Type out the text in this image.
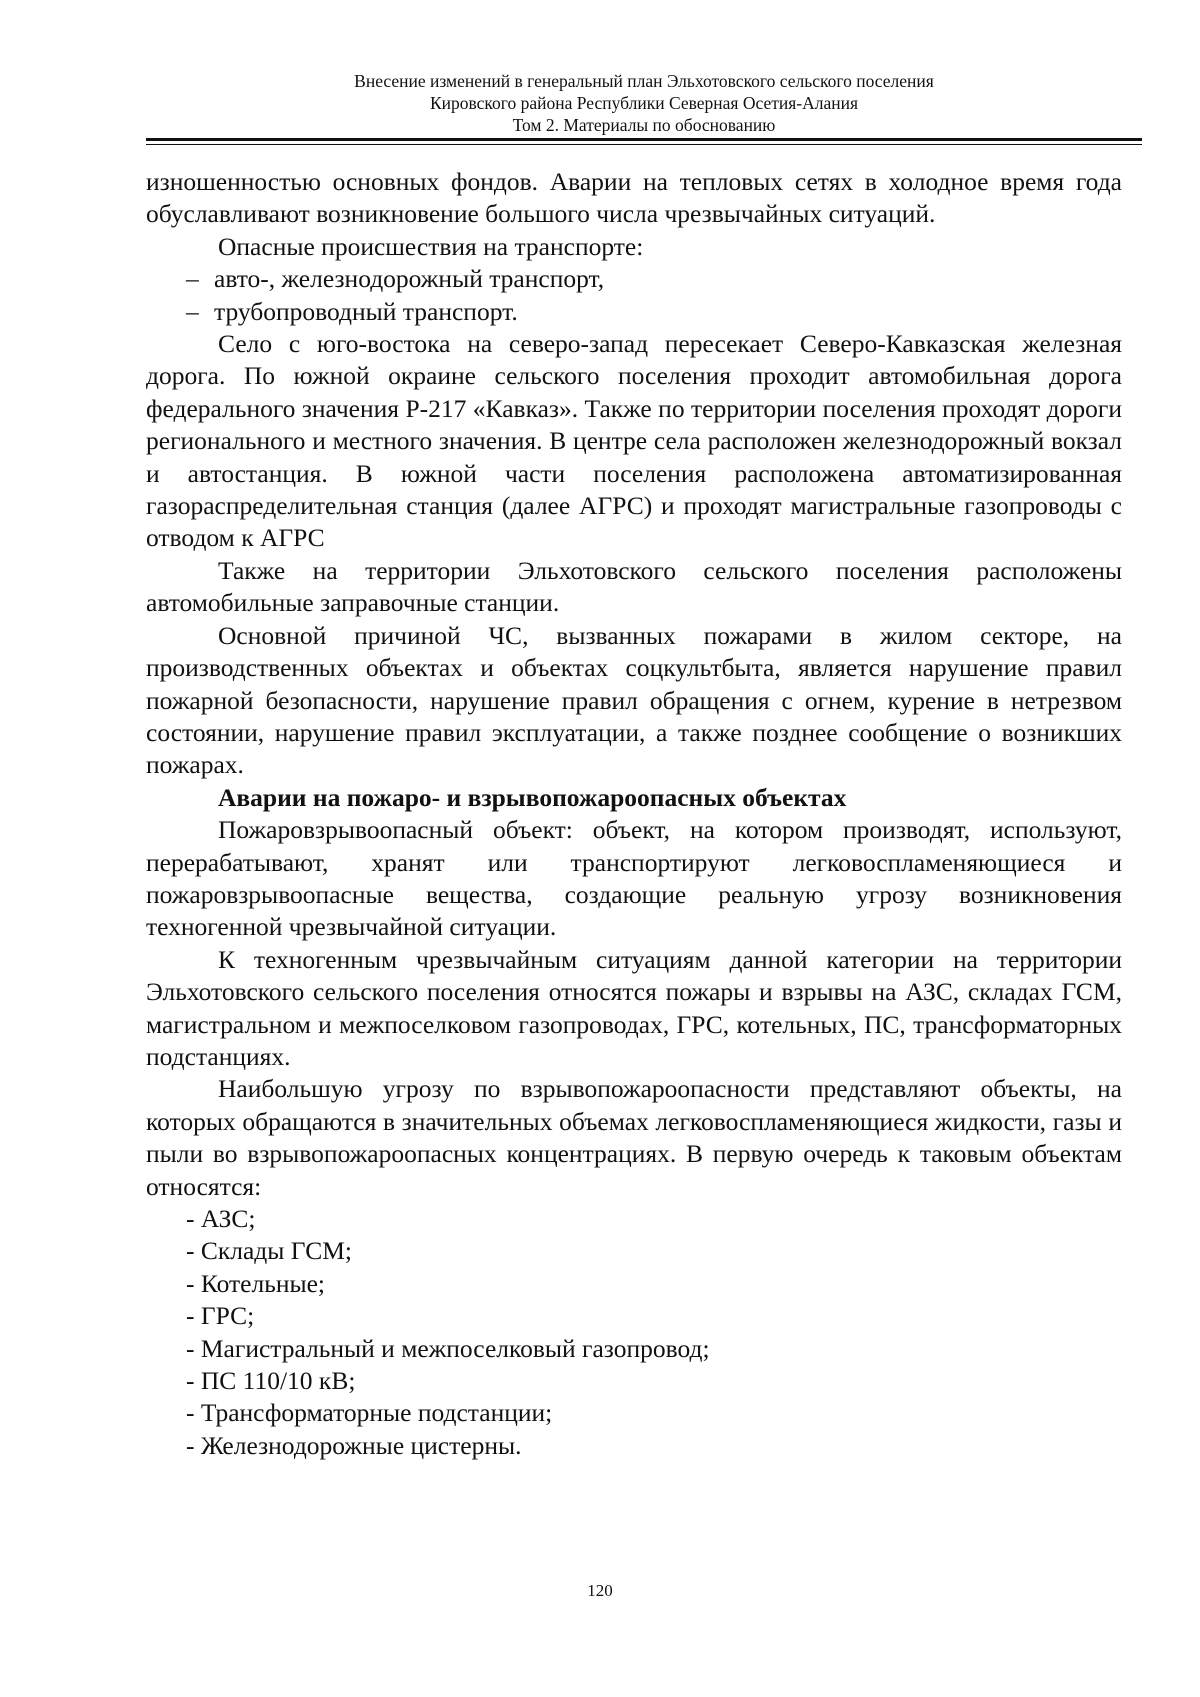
Внесение изменений в генеральный план Эльхотовского сельского поселения
Кировского района Республики Северная Осетия-Алания
Том 2. Материалы по обоснованию

изношенностью основных фондов. Аварии на тепловых сетях в холодное время года обуславливают возникновение большого числа чрезвычайных ситуаций.

Опасные происшествия на транспорте:

– авто-, железнодорожный транспорт,
– трубопроводный транспорт.

Село с юго-востока на северо-запад пересекает Северо-Кавказская железная дорога. По южной окраине сельского поселения проходит автомобильная дорога федерального значения Р-217 «Кавказ». Также по территории поселения проходят дороги регионального и местного значения. В центре села расположен железнодорожный вокзал и автостанция. В южной части поселения расположена автоматизированная газораспределительная станция (далее АГРС) и проходят магистральные газопроводы с отводом к АГРС

Также на территории Эльхотовского сельского поселения расположены автомобильные заправочные станции.

Основной причиной ЧС, вызванных пожарами в жилом секторе, на производственных объектах и объектах соцкультбыта, является нарушение правил пожарной безопасности, нарушение правил обращения с огнем, курение в нетрезвом состоянии, нарушение правил эксплуатации, а также позднее сообщение о возникших пожарах.

Аварии на пожаро- и взрывопожароопасных объектах

Пожаровзрывоопасный объект: объект, на котором производят, используют, перерабатывают, хранят или транспортируют легковоспламеняющиеся и пожаровзрывоопасные вещества, создающие реальную угрозу возникновения техногенной чрезвычайной ситуации.

К техногенным чрезвычайным ситуациям данной категории на территории Эльхотовского сельского поселения относятся пожары и взрывы на АЗС, складах ГСМ, магистральном и межпоселковом газопроводах, ГРС, котельных, ПС, трансформаторных подстанциях.

Наибольшую угрозу по взрывопожароопасности представляют объекты, на которых обращаются в значительных объемах легковоспламеняющиеся жидкости, газы и пыли во взрывопожароопасных концентрациях. В первую очередь к таковым объектам относятся:

- АЗС;
- Склады ГСМ;
- Котельные;
- ГРС;
- Магистральный и межпоселковый газопровод;
- ПС 110/10 кВ;
- Трансформаторные подстанции;
- Железнодорожные цистерны.
120
